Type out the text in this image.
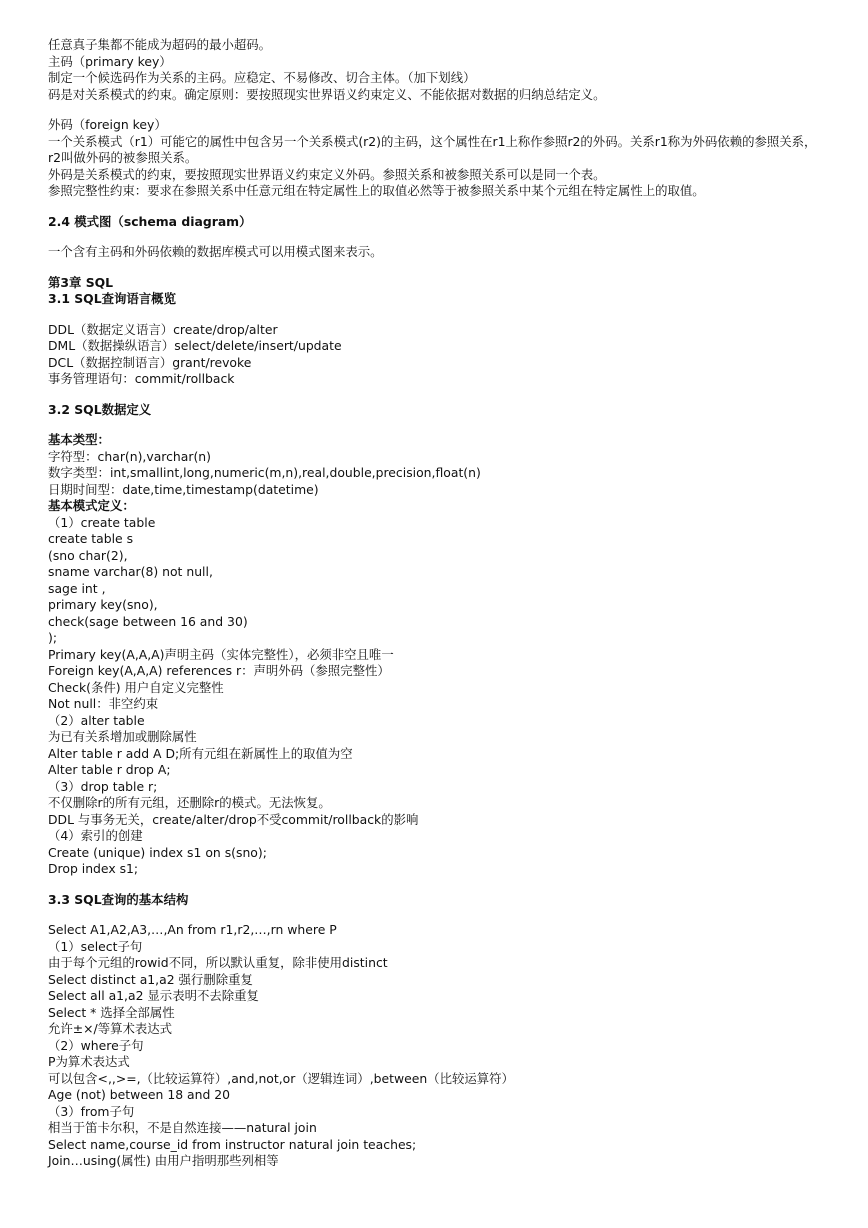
任意真子集都不能成为超码的最小超码。
主码（primary key）
制定一个候选码作为关系的主码。应稳定、不易修改、切合主体。（加下划线）
码是对关系模式的约束。确定原则：要按照现实世界语义约束定义、不能依据对数据的归纳总结定义。
外码（foreign key）
一个关系模式（r1）可能它的属性中包含另一个关系模式(r2)的主码，这个属性在r1上称作参照r2的外码。关系r1称为外码依赖的参照关系，r2叫做外码的被参照关系。
外码是关系模式的约束，要按照现实世界语义约束定义外码。参照关系和被参照关系可以是同一个表。
参照完整性约束：要求在参照关系中任意元组在特定属性上的取值必然等于被参照关系中某个元组在特定属性上的取值。
2.4 模式图（schema diagram）
一个含有主码和外码依赖的数据库模式可以用模式图来表示。
第3章 SQL
3.1 SQL查询语言概览
DDL（数据定义语言）create/drop/alter
DML（数据操纵语言）select/delete/insert/update
DCL（数据控制语言）grant/revoke
事务管理语句：commit/rollback
3.2 SQL数据定义
基本类型：
字符型：char(n),varchar(n)
数字类型：int,smallint,long,numeric(m,n),real,double,precision,float(n)
日期时间型：date,time,timestamp(datetime)
基本模式定义：
（1）create table
create table s
(sno char(2),
sname varchar(8) not null,
sage int ,
primary key(sno),
check(sage between 16 and 30)
);
Primary key(A,A,A)声明主码（实体完整性），必须非空且唯一
Foreign key(A,A,A) references r：声明外码（参照完整性）
Check(条件) 用户自定义完整性
Not null：非空约束
（2）alter table
为已有关系增加或删除属性
Alter table r add A D;所有元组在新属性上的取值为空
Alter table r drop A;
（3）drop table r;
不仅删除r的所有元组，还删除r的模式。无法恢复。
DDL 与事务无关，create/alter/drop不受commit/rollback的影响
（4）索引的创建
Create (unique) index s1 on s(sno);
Drop index s1;
3.3 SQL查询的基本结构
Select A1,A2,A3,…,An from r1,r2,…,rn where P
（1）select子句
由于每个元组的rowid不同，所以默认重复，除非使用distinct
Select distinct a1,a2 强行删除重复
Select all a1,a2 显示表明不去除重复
Select * 选择全部属性
允许±×/等算术表达式
（2）where子句
P为算术表达式
可以包含<,,>=,（比较运算符）,and,not,or（逻辑连词）,between（比较运算符）
Age (not) between 18 and 20
（3）from子句
相当于笛卡尔积，不是自然连接——natural join
Select name,course_id from instructor natural join teaches;
Join…using(属性) 由用户指明那些列相等
